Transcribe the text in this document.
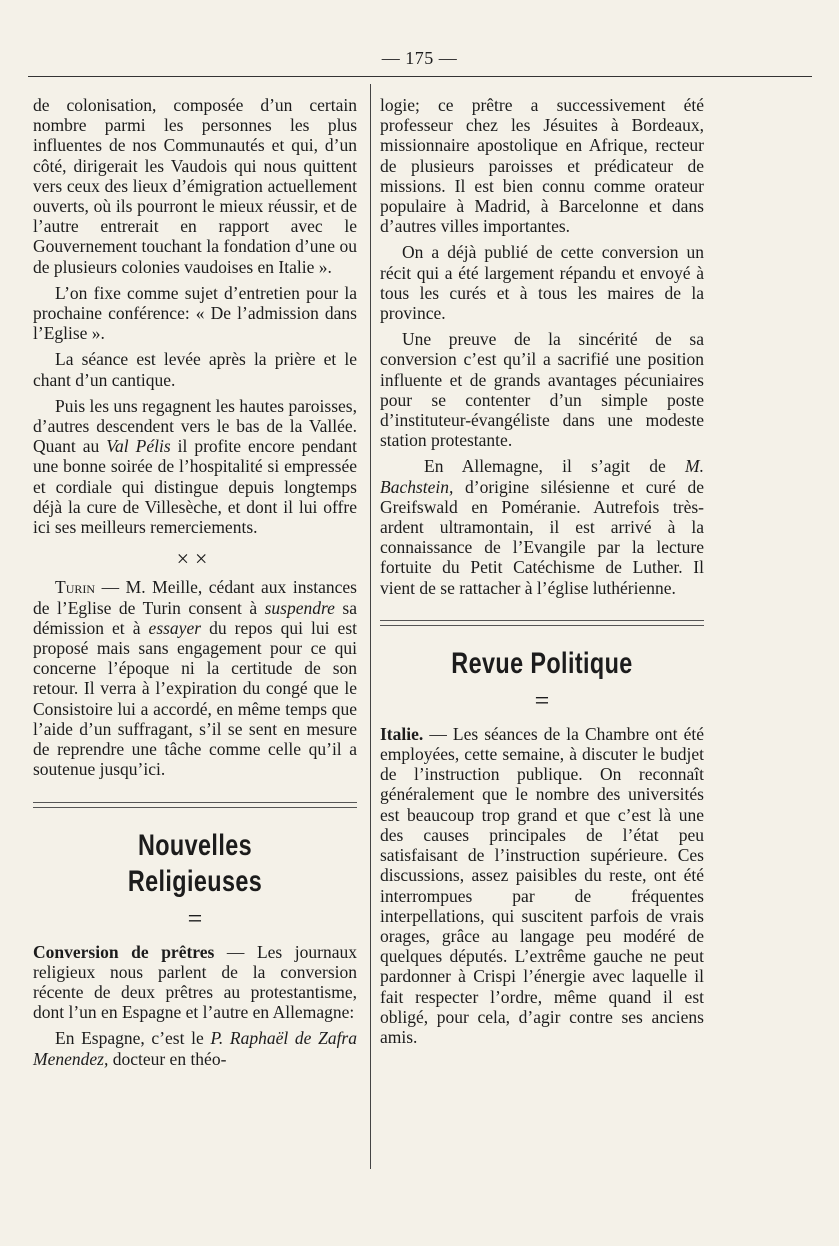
— 175 —

de colonisation, composée d’un certain nombre parmi les personnes les plus influentes de nos Communautés et qui, d’un côté, dirigerait les Vaudois qui nous quittent vers ceux des lieux d’émigration actuellement ouverts, où ils pourront le mieux réussir, et de l’autre entrerait en rapport avec le Gouvernement touchant la fondation d’une ou de plusieurs colonies vaudoises en Italie ».

L’on fixe comme sujet d’entretien pour la prochaine conférence: « De l’admission dans l’Eglise ».

La séance est levée après la prière et le chant d’un cantique.

Puis les uns regagnent les hautes paroisses, d’autres descendent vers le bas de la Vallée. Quant au Val Pélis il profite encore pendant une bonne soirée de l’hospitalité si empressée et cordiale qui distingue depuis longtemps déjà la cure de Villesèche, et dont il lui offre ici ses meilleurs remerciements.

××

Turin — M. Meille, cédant aux instances de l’Eglise de Turin consent à suspendre sa démission et à essayer du repos qui lui est proposé mais sans engagement pour ce qui concerne l’époque ni la certitude de son retour. Il verra à l’expiration du congé que le Consistoire lui a accordé, en même temps que l’aide d’un suffragant, s’il se sent en mesure de reprendre une tâche comme celle qu’il a soutenue jusqu’ici.

Nouvelles Religieuses
=

Conversion de prêtres — Les journaux religieux nous parlent de la conversion récente de deux prêtres au protestantisme, dont l’un en Espagne et l’autre en Allemagne:

En Espagne, c’est le P. Raphaël de Zafra Menendez, docteur en théo-

logie; ce prêtre a successivement été professeur chez les Jésuites à Bordeaux, missionnaire apostolique en Afrique, recteur de plusieurs paroisses et prédicateur de missions. Il est bien connu comme orateur populaire à Madrid, à Barcelonne et dans d’autres villes importantes.

On a déjà publié de cette conversion un récit qui a été largement répandu et envoyé à tous les curés et à tous les maires de la province.

Une preuve de la sincérité de sa conversion c’est qu’il a sacrifié une position influente et de grands avantages pécuniaires pour se contenter d’un simple poste d’instituteur-évangéliste dans une modeste station protestante.

En Allemagne, il s’agit de M. Bachstein, d’origine silésienne et curé de Greifswald en Poméranie. Autrefois très-ardent ultramontain, il est arrivé à la connaissance de l’Evangile par la lecture fortuite du Petit Catéchisme de Luther. Il vient de se rattacher à l’église luthérienne.

Revue Politique
=

Italie. — Les séances de la Chambre ont été employées, cette semaine, à discuter le budjet de l’instruction publique. On reconnaît généralement que le nombre des universités est beaucoup trop grand et que c’est là une des causes principales de l’état peu satisfaisant de l’instruction supérieure. Ces discussions, assez paisibles du reste, ont été interrompues par de fréquentes interpellations, qui suscitent parfois de vrais orages, grâce au langage peu modéré de quelques députés. L’extrême gauche ne peut pardonner à Crispi l’énergie avec laquelle il fait respecter l’ordre, même quand il est obligé, pour cela, d’agir contre ses anciens amis.
